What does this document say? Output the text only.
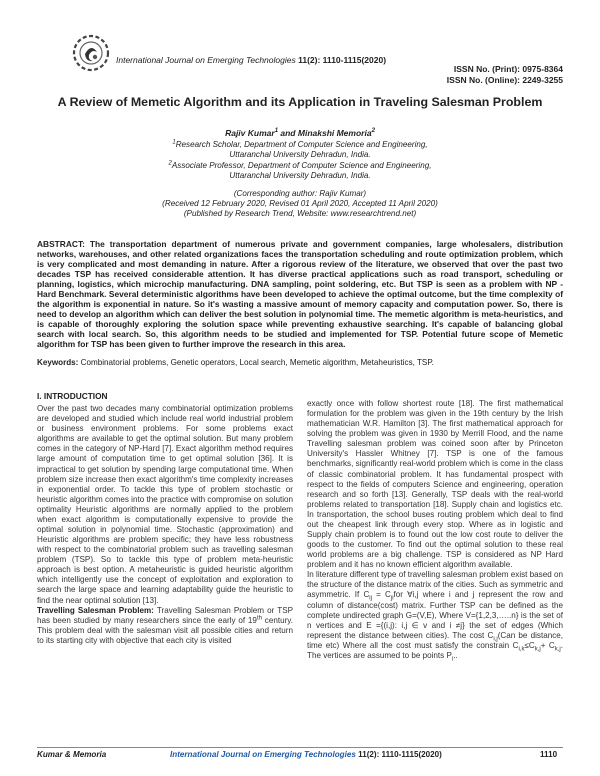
International Journal on Emerging Technologies 11(2): 1110-1115(2020)
ISSN No. (Print): 0975-8364
ISSN No. (Online): 2249-3255
A Review of Memetic Algorithm and its Application in Traveling Salesman Problem
Rajiv Kumar$^1$ and Minakshi Memoria$^2$
$^1$Research Scholar, Department of Computer Science and Engineering,
Uttaranchal University Dehradun, India.
$^2$Associate Professor, Department of Computer Science and Engineering,
Uttaranchal University Dehradun, India.
(Corresponding author: Rajiv Kumar)
(Received 12 February 2020, Revised 01 April 2020, Accepted 11 April 2020)
(Published by Research Trend, Website: www.researchtrend.net)
ABSTRACT: The transportation department of numerous private and government companies, large wholesalers, distribution networks, warehouses, and other related organizations faces the transportation scheduling and route optimization problem, which is very complicated and most demanding in nature. After a rigorous review of the literature, we observed that over the past two decades TSP has received considerable attention. It has diverse practical applications such as road transport, scheduling or planning, logistics, which microchip manufacturing. DNA sampling, point soldering, etc. But TSP is seen as a problem with NP - Hard Benchmark. Several deterministic algorithms have been developed to achieve the optimal outcome, but the time complexity of the algorithm is exponential in nature. So it's wasting a massive amount of memory capacity and computation power. So, there is need to develop an algorithm which can deliver the best solution in polynomial time. The memetic algorithm is meta-heuristics, and is capable of thoroughly exploring the solution space while preventing exhaustive searching. It's capable of balancing global search with local search. So, this algorithm needs to be studied and implemented for TSP. Potential future scope of Memetic algorithm for TSP has been given to further improve the research in this area.
Keywords: Combinatorial problems, Genetic operators, Local search, Memetic algorithm, Metaheuristics, TSP.
I. INTRODUCTION

Over the past two decades many combinatorial optimization problems are developed and studied which include real world industrial problem or business environment problems. For some problems exact algorithms are available to get the optimal solution. But many problem comes in the category of NP-Hard [7]. Exact algorithm method requires large amount of computation time to get optimal solution [36]. It is impractical to get solution by spending large computational time. When problem size increase then exact algorithm's time complexity increases in exponential order. To tackle this type of problem stochastic or heuristic algorithm comes into the practice with compromise on solution optimality Heuristic algorithms are normally applied to the problem when exact algorithm is computationally expensive to provide the optimal solution in polynomial time. Stochastic (approximation) and Heuristic algorithms are problem specific; they have less robustness with respect to the combinatorial problem such as travelling salesman problem (TSP). So to tackle this type of problem meta-heuristic approach is best option. A metaheuristic is guided heuristic algorithm which intelligently use the concept of exploitation and exploration to search the large space and learning adaptability guide the heuristic to find the near optimal solution [13].

Travelling Salesman Problem: Travelling Salesman Problem or TSP has been studied by many researchers since the early of 19th century. This problem deal with the salesman visit all possible cities and return to its starting city with objective that each city is visited

exactly once with follow shortest route [18]. The first mathematical formulation for the problem was given in the 19th century by the Irish mathematician W.R. Hamilton [3]. The first mathematical approach for solving the problem was given in 1930 by Merrill Flood, and the name Travelling salesman problem was coined soon after by Princeton University's Hassler Whitney [7]. TSP is one of the famous benchmarks, significantly real-world problem which is come in the class of classic combinatorial problem. It has fundamental prospect with respect to the fields of computers Science and engineering, operation research and so forth [13]. Generally, TSP deals with the real-world problems related to transportation [18]. Supply chain and logistics etc. In transportation, the school buses routing problem which deal to find out the cheapest link through every stop. Where as in logistic and Supply chain problem is to found out the low cost route to deliver the goods to the customer. To find out the optimal solution to these real world problems are a big challenge. TSP is considered as NP Hard problem and it has no known efficient algorithm available.

In literature different type of travelling salesman problem exist based on the structure of the distance matrix of the cities. Such as symmetric and asymmetric. If $C_{ij} = C_{ji}for$ ∀i,j where i and j represent the row and column of distance(cost) matrix. Further TSP can be defined as the complete undirected graph G=(V,E), Where V={1,2,3,…..n} is the set of n vertices and E ={(i,j): i,j ∈ v and i ≠j} the set of edges (Which represent the distance between cities). The cost $C_{i,j}(Can$ be distance, time etc) Where all the cost must satisfy the constrain $C_{i,k}\le C_{k,j}+ C_{k,j}$. The vertices are assumed to be points $P_i$..

Kumar & Memoria	International Journal on Emerging Technologies 11(2): 1110-1115(2020)	1110
